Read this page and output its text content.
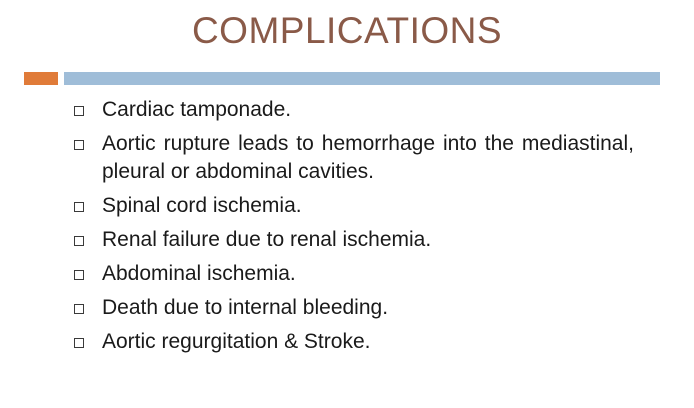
COMPLICATIONS
Cardiac tamponade.
Aortic rupture leads to hemorrhage into the mediastinal, pleural or abdominal cavities.
Spinal cord ischemia.
Renal failure due to renal ischemia.
Abdominal ischemia.
Death due to internal bleeding.
Aortic regurgitation & Stroke.
